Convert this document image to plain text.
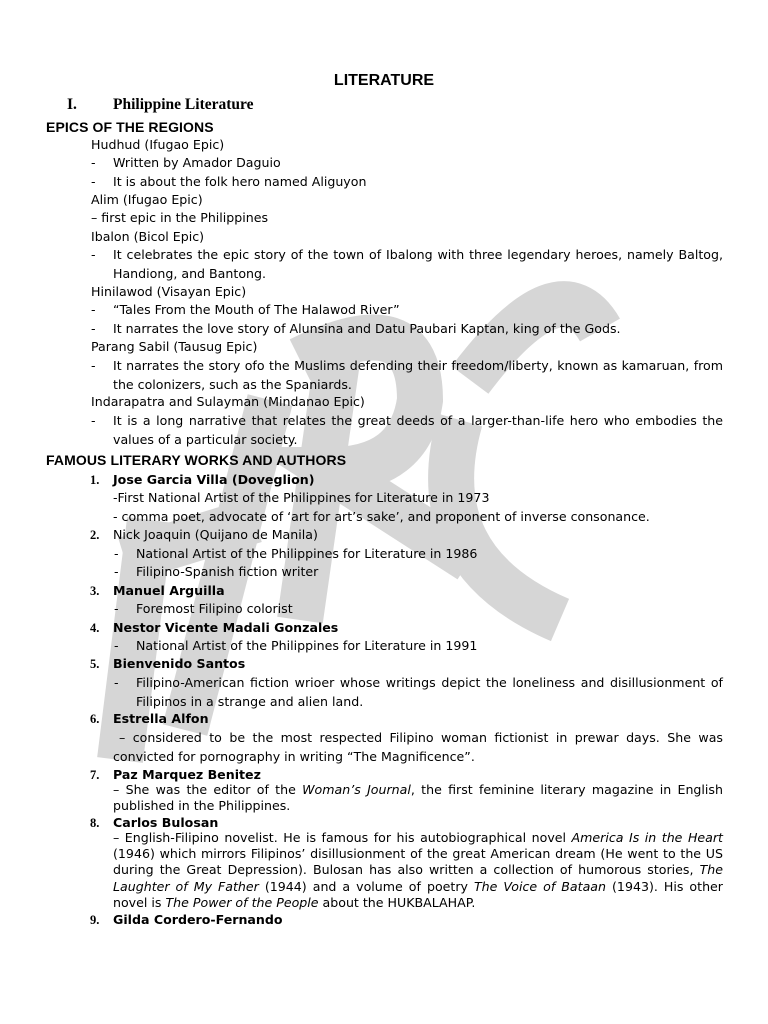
LITERATURE
I. Philippine Literature
EPICS OF THE REGIONS
Hudhud (Ifugao Epic)
- Written by Amador Daguio
- It is about the folk hero named Aliguyon
Alim (Ifugao Epic)
– first epic in the Philippines
Ibalon (Bicol Epic)
- It celebrates the epic story of the town of Ibalong with three legendary heroes, namely Baltog, Handiong, and Bantong.
Hinilawod (Visayan Epic)
- “Tales From the Mouth of The Halawod River”
- It narrates the love story of Alunsina and Datu Paubari Kaptan, king of the Gods.
Parang Sabil (Tausug Epic)
- It narrates the story ofo the Muslims defending their freedom/liberty, known as kamaruan, from the colonizers, such as the Spaniards.
Indarapatra and Sulayman (Mindanao Epic)
- It is a long narrative that relates the great deeds of a larger-than-life hero who embodies the values of a particular society.
FAMOUS LITERARY WORKS AND AUTHORS
1. Jose Garcia Villa (Doveglion)
-First National Artist of the Philippines for Literature in 1973
- comma poet, advocate of ‘art for art’s sake’, and proponent of inverse consonance.
2. Nick Joaquin (Quijano de Manila)
- National Artist of the Philippines for Literature in 1986
- Filipino-Spanish fiction writer
3. Manuel Arguilla
- Foremost Filipino colorist
4. Nestor Vicente Madali Gonzales
- National Artist of the Philippines for Literature in 1991
5. Bienvenido Santos
- Filipino-American fiction wrioer whose writings depict the loneliness and disillusionment of Filipinos in a strange and alien land.
6. Estrella Alfon
– considered to be the most respected Filipino woman fictionist in prewar days. She was convicted for pornography in writing “The Magnificence”.
7. Paz Marquez Benitez
– She was the editor of the Woman’s Journal, the first feminine literary magazine in English published in the Philippines.
8. Carlos Bulosan
– English-Filipino novelist. He is famous for his autobiographical novel America Is in the Heart (1946) which mirrors Filipinos’ disillusionment of the great American dream (He went to the US during the Great Depression). Bulosan has also written a collection of humorous stories, The Laughter of My Father (1944) and a volume of poetry The Voice of Bataan (1943). His other novel is The Power of the People about the HUKBALAHAP.
9. Gilda Cordero-Fernando
